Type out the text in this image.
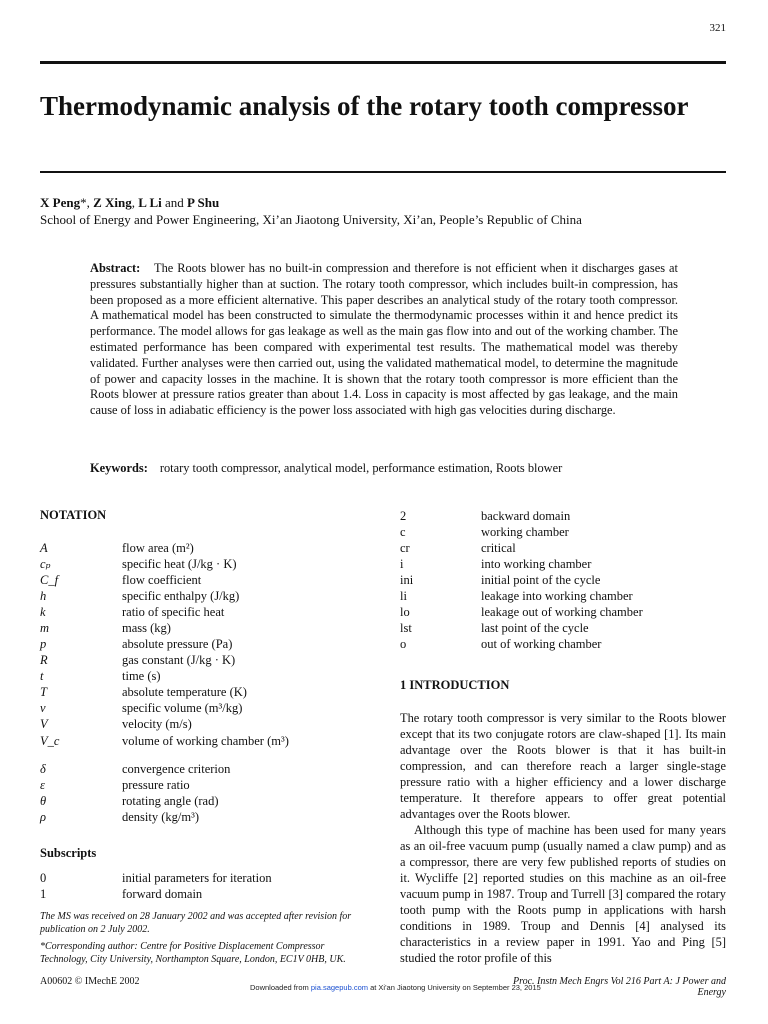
321
Thermodynamic analysis of the rotary tooth compressor
X Peng*, Z Xing, L Li and P Shu
School of Energy and Power Engineering, Xi’an Jiaotong University, Xi’an, People’s Republic of China
Abstract: The Roots blower has no built-in compression and therefore is not efficient when it discharges gases at pressures substantially higher than at suction. The rotary tooth compressor, which includes built-in compression, has been proposed as a more efficient alternative. This paper describes an analytical study of the rotary tooth compressor. A mathematical model has been constructed to simulate the thermodynamic processes within it and hence predict its performance. The model allows for gas leakage as well as the main gas flow into and out of the working chamber. The estimated performance has been compared with experimental test results. The mathematical model was thereby validated. Further analyses were then carried out, using the validated mathematical model, to determine the magnitude of power and capacity losses in the machine. It is shown that the rotary tooth compressor is more efficient than the Roots blower at pressure ratios greater than about 1.4. Loss in capacity is most affected by gas leakage, and the main cause of loss in adiabatic efficiency is the power loss associated with high gas velocities during discharge.
Keywords: rotary tooth compressor, analytical model, performance estimation, Roots blower
NOTATION
A	flow area (m²)
cₚ	specific heat (J/kg · K)
C_f	flow coefficient
h	specific enthalpy (J/kg)
k	ratio of specific heat
m	mass (kg)
p	absolute pressure (Pa)
R	gas constant (J/kg · K)
t	time (s)
T	absolute temperature (K)
v	specific volume (m³/kg)
V	velocity (m/s)
V_c	volume of working chamber (m³)
δ	convergence criterion
ε	pressure ratio
θ	rotating angle (rad)
ρ	density (kg/m³)
Subscripts
0	initial parameters for iteration
1	forward domain
2	backward domain
c	working chamber
cr	critical
i	into working chamber
ini	initial point of the cycle
li	leakage into working chamber
lo	leakage out of working chamber
lst	last point of the cycle
o	out of working chamber
1 INTRODUCTION

The rotary tooth compressor is very similar to the Roots blower except that its two conjugate rotors are claw-shaped [1]. Its main advantage over the Roots blower is that it has built-in compression, and can therefore reach a larger single-stage pressure ratio with a higher efficiency and a lower discharge temperature. It therefore appears to offer great potential advantages over the Roots blower.

Although this type of machine has been used for many years as an oil-free vacuum pump (usually named a claw pump) and as a compressor, there are very few published reports of studies on it. Wycliffe [2] reported studies on this machine as an oil-free vacuum pump in 1987. Troup and Turrell [3] compared the rotary tooth pump with the Roots pump in applications with harsh conditions in 1989. Troup and Dennis [4] analysed its characteristics in a review paper in 1991. Yao and Ping [5] studied the rotor profile of this

The MS was received on 28 January 2002 and was accepted after revision for publication on 2 July 2002.
*Corresponding author: Centre for Positive Displacement Compressor Technology, City University, Northampton Square, London, EC1V 0HB, UK.
A00602 © IMechE 2002	Proc. Instn Mech Engrs Vol 216 Part A: J Power and Energy
Downloaded from pia.sagepub.com at Xi'an Jiaotong University on September 23, 2015
